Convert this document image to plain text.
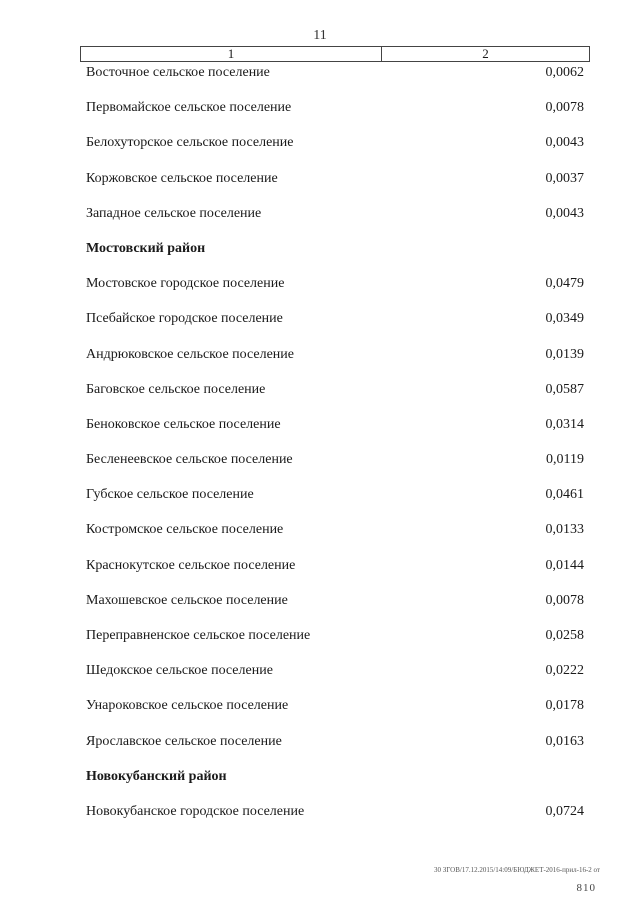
11
1	2
Восточное сельское поселение	0,0062
Первомайское сельское поселение	0,0078
Белохуторское сельское поселение	0,0043
Коржовское сельское поселение	0,0037
Западное сельское поселение	0,0043
Мостовский район
Мостовское городское поселение	0,0479
Псебайское городское поселение	0,0349
Андрюковское сельское поселение	0,0139
Баговское сельское поселение	0,0587
Беноковское сельское поселение	0,0314
Бесленеевское сельское поселение	0,0119
Губское сельское поселение	0,0461
Костромское сельское поселение	0,0133
Краснокутское сельское поселение	0,0144
Махошевское сельское поселение	0,0078
Переправненское сельское поселение	0,0258
Шедокское сельское поселение	0,0222
Унароковское сельское поселение	0,0178
Ярославское сельское поселение	0,0163
Новокубанский район
Новокубанское городское поселение	0,0724
30 ЗГОВ/17.12.2015/14:09/БЮДЖЕТ-2016-прил-16-2 от
810
